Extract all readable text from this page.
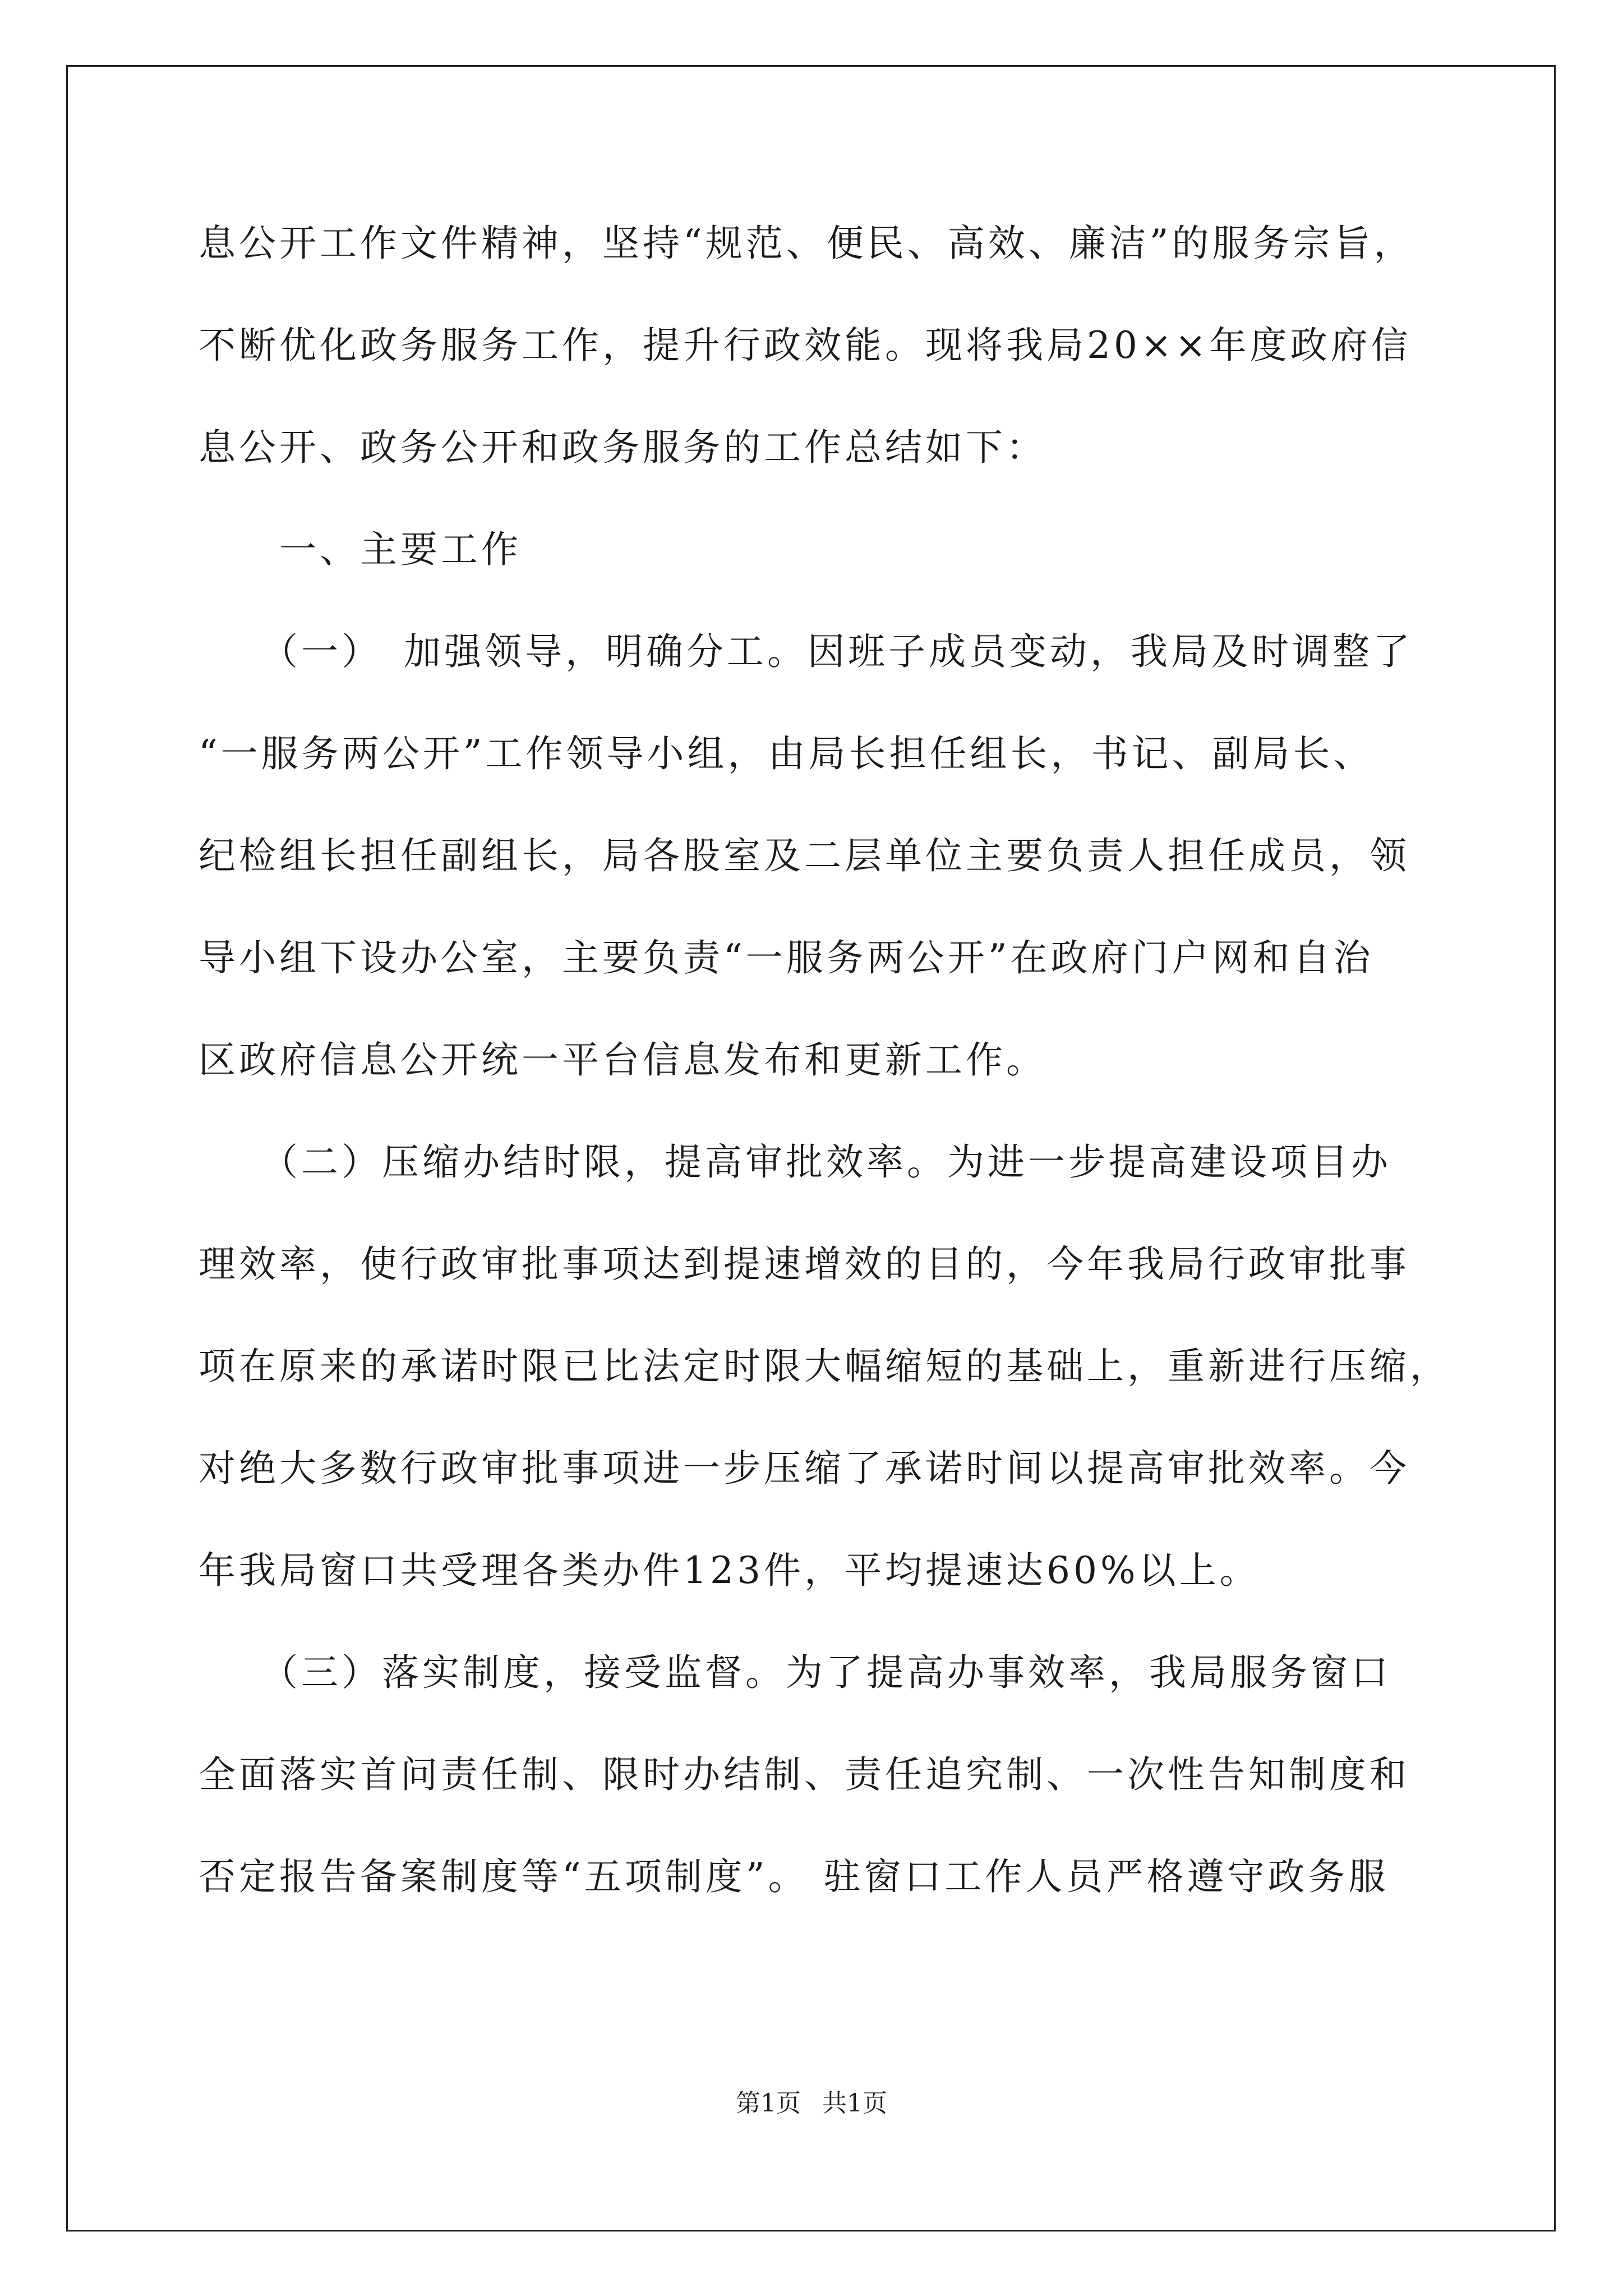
息公开工作文件精神，坚持“规范、便民、高效、廉洁”的服务宗旨，
不断优化政务服务工作，提升行政效能。现将我局20××年度政府信
息公开、政务公开和政务服务的工作总结如下：
　　一、主要工作
　　（一）　加强领导，明确分工。因班子成员变动，我局及时调整了
“一服务两公开”工作领导小组，由局长担任组长，书记、副局长、
纪检组长担任副组长，局各股室及二层单位主要负责人担任成员，领
导小组下设办公室，主要负责“一服务两公开”在政府门户网和自治
区政府信息公开统一平台信息发布和更新工作。
　　（二）压缩办结时限，提高审批效率。为进一步提高建设项目办
理效率，使行政审批事项达到提速增效的目的，今年我局行政审批事
项在原来的承诺时限已比法定时限大幅缩短的基础上，重新进行压缩，
对绝大多数行政审批事项进一步压缩了承诺时间以提高审批效率。今
年我局窗口共受理各类办件123件，平均提速达60%以上。
　　（三）落实制度，接受监督。为了提高办事效率，我局服务窗口
全面落实首问责任制、限时办结制、责任追究制、一次性告知制度和
否定报告备案制度等“五项制度”。 驻窗口工作人员严格遵守政务服
第1页 共1页
